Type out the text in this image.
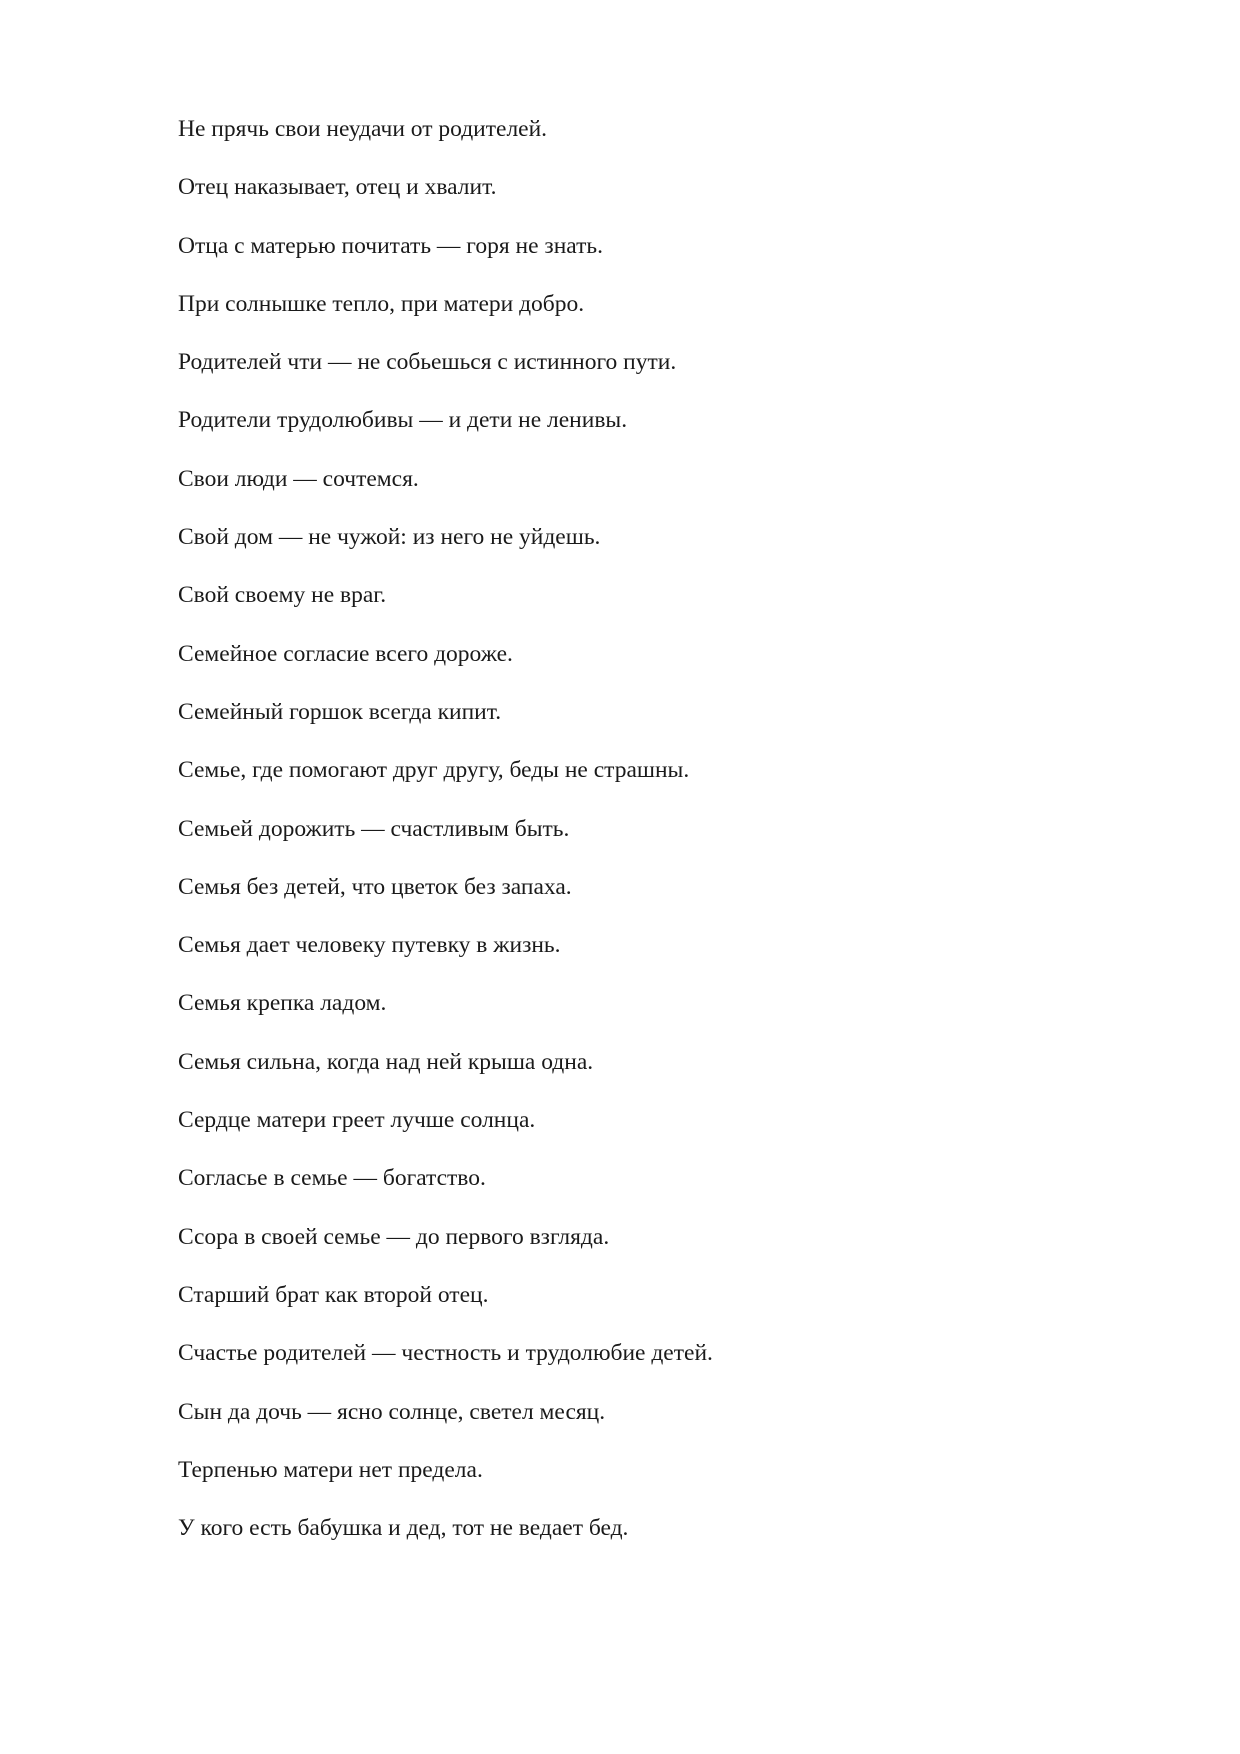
Не прячь свои неудачи от родителей.
Отец наказывает, отец и хвалит.
Отца с матерью почитать — горя не знать.
При солнышке тепло, при матери добро.
Родителей чти — не собьешься с истинного пути.
Родители трудолюбивы — и дети не ленивы.
Свои люди — сочтемся.
Свой дом — не чужой: из него не уйдешь.
Свой своему не враг.
Семейное согласие всего дороже.
Семейный горшок всегда кипит.
Семье, где помогают друг другу, беды не страшны.
Семьей дорожить — счастливым быть.
Семья без детей, что цветок без запаха.
Семья дает человеку путевку в жизнь.
Семья крепка ладом.
Семья сильна, когда над ней крыша одна.
Сердце матери греет лучше солнца.
Согласье в семье — богатство.
Ссора в своей семье — до первого взгляда.
Старший брат как второй отец.
Счастье родителей — честность и трудолюбие детей.
Сын да дочь — ясно солнце, светел месяц.
Терпенью матери нет предела.
У кого есть бабушка и дед, тот не ведает бед.
